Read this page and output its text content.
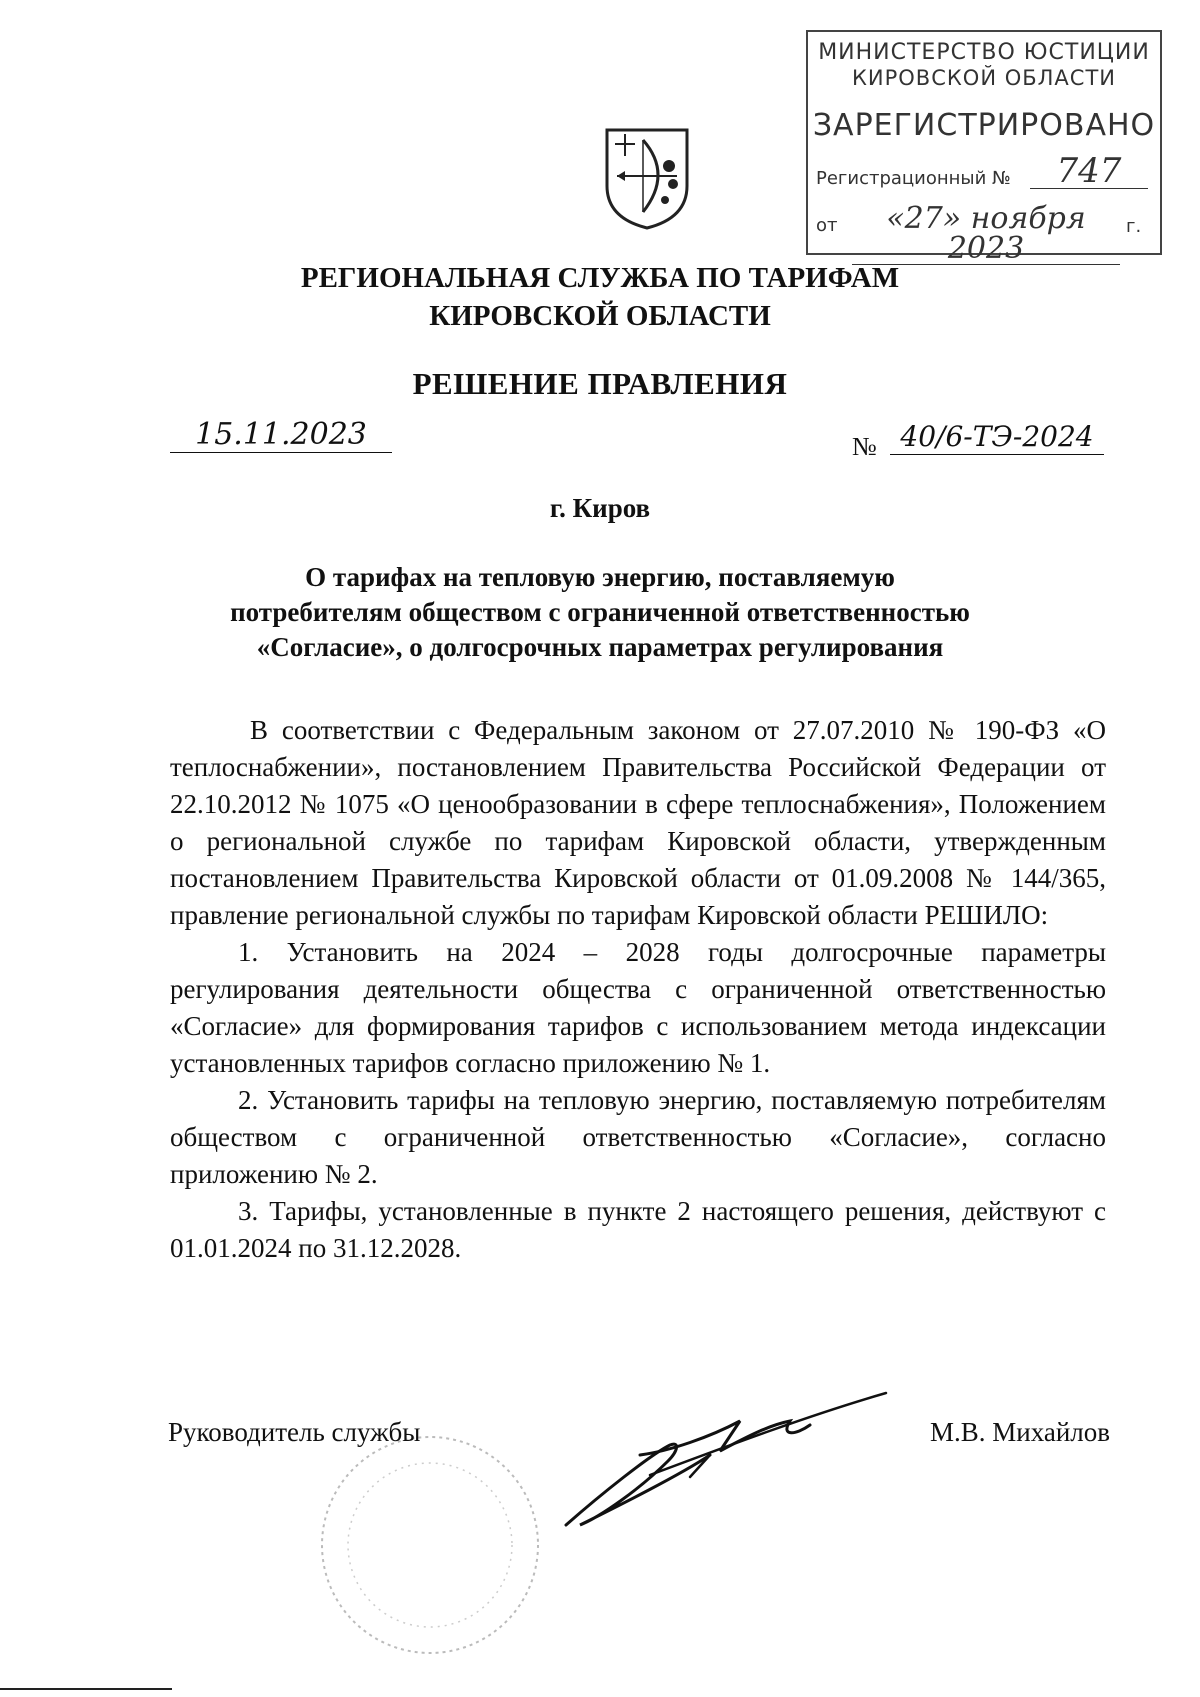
МИНИСТЕРСТВО ЮСТИЦИИ
КИРОВСКОЙ ОБЛАСТИ
ЗАРЕГИСТРИРОВАНО
Регистрационный №	747
от	«27» ноября 2023
г.
РЕГИОНАЛЬНАЯ СЛУЖБА ПО ТАРИФАМ
КИРОВСКОЙ ОБЛАСТИ
РЕШЕНИЕ ПРАВЛЕНИЯ
15.11.2023	№ 40/6-ТЭ-2024
г. Киров
О тарифах на тепловую энергию, поставляемую потребителям обществом с ограниченной ответственностью «Согласие», о долгосрочных параметрах регулирования

В соответствии с Федеральным законом от 27.07.2010 № 190-ФЗ «О теплоснабжении», постановлением Правительства Российской Федерации от 22.10.2012 № 1075 «О ценообразовании в сфере теплоснабжения», Положением о региональной службе по тарифам Кировской области, утвержденным постановлением Правительства Кировской области от 01.09.2008 № 144/365, правление региональной службы по тарифам Кировской области РЕШИЛО:

1. Установить на 2024 – 2028 годы долгосрочные параметры регулирования деятельности общества с ограниченной ответственностью «Согласие» для формирования тарифов с использованием метода индексации установленных тарифов согласно приложению № 1.

2. Установить тарифы на тепловую энергию, поставляемую потребителям обществом с ограниченной ответственностью «Согласие», согласно приложению № 2.

3. Тарифы, установленные в пункте 2 настоящего решения, действуют с 01.01.2024 по 31.12.2028.

Руководитель службы	М.В. Михайлов
